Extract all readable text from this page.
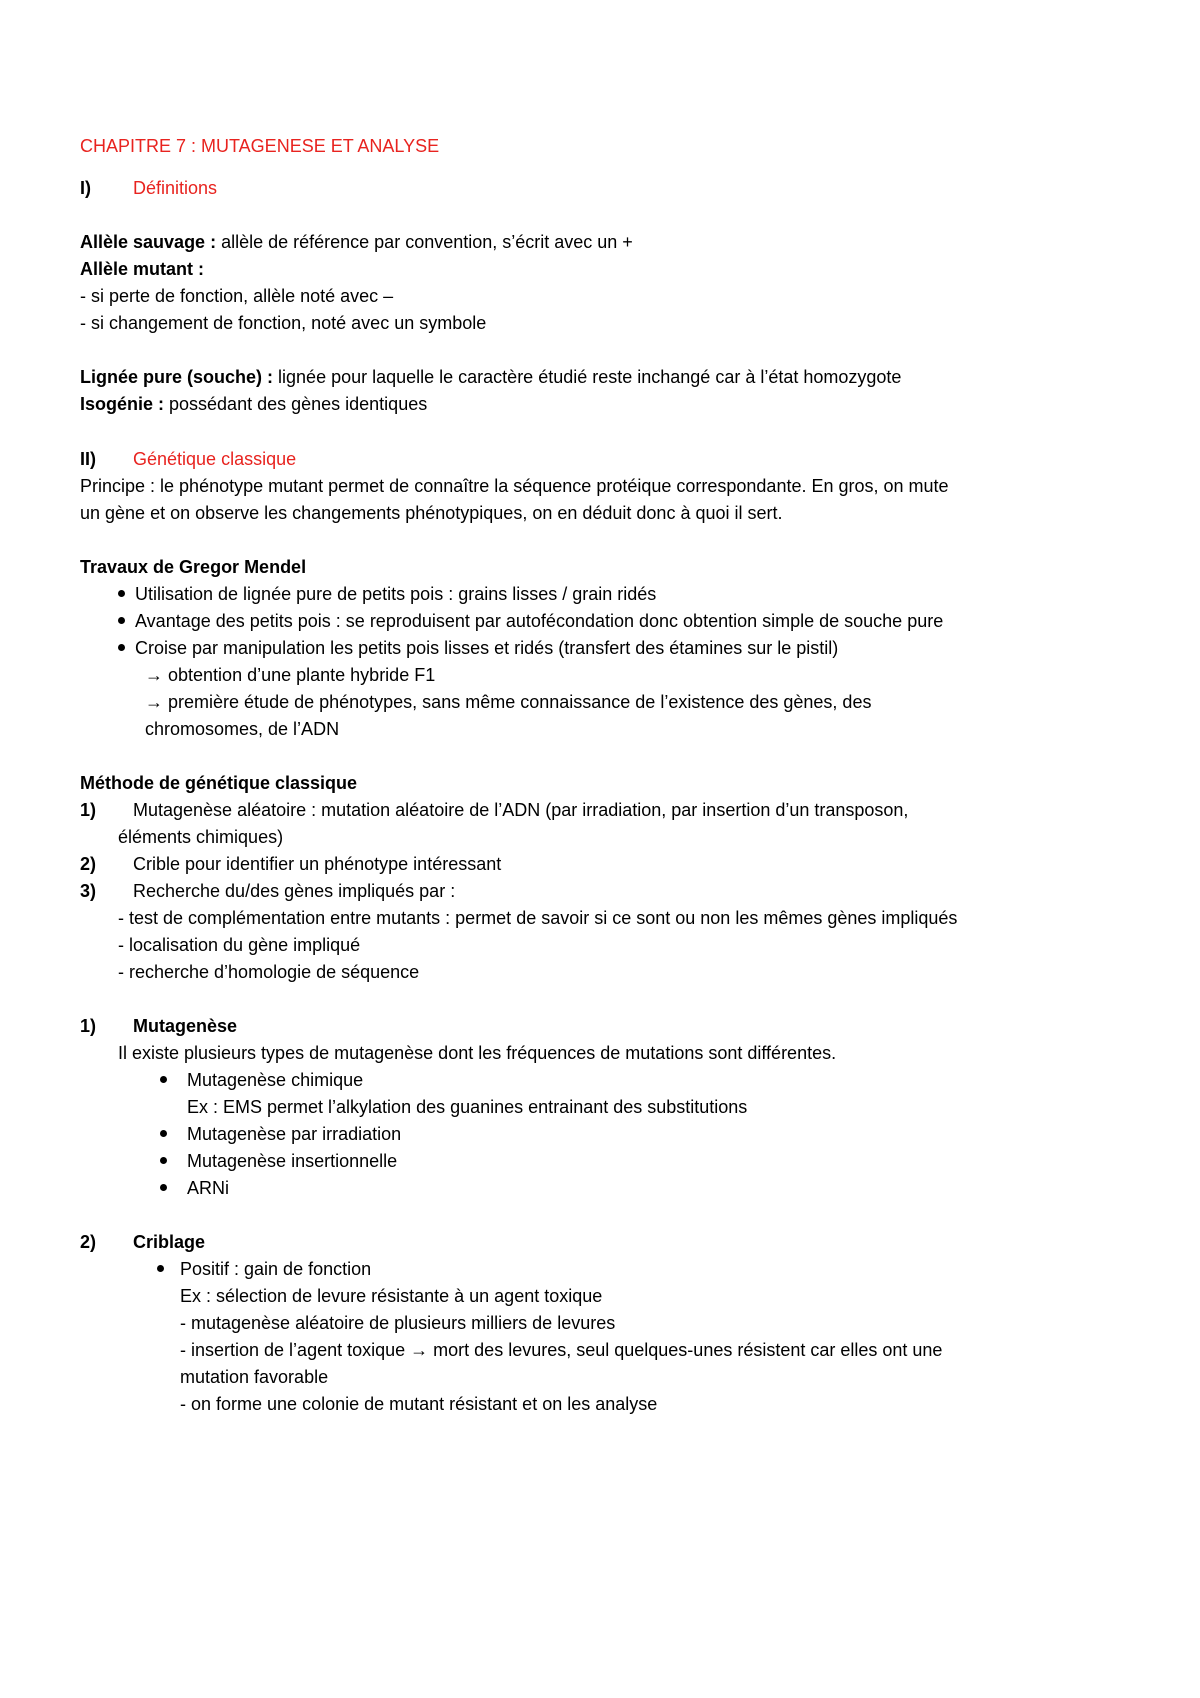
CHAPITRE 7 : MUTAGENESE ET ANALYSE
I) Définitions
Allèle sauvage : allèle de référence par convention, s’écrit avec un +
Allèle mutant :
- si perte de fonction, allèle noté avec –
- si changement de fonction, noté avec un symbole
Lignée pure (souche) : lignée pour laquelle le caractère étudié reste inchangé car à l’état homozygote
Isogénie : possédant des gènes identiques
II) Génétique classique
Principe : le phénotype mutant permet de connaître la séquence protéique correspondante. En gros, on mute
un gène et on observe les changements phénotypiques, on en déduit donc à quoi il sert.
Travaux de Gregor Mendel
Utilisation de lignée pure de petits pois : grains lisses / grain ridés
Avantage des petits pois : se reproduisent par autofécondation donc obtention simple de souche pure
Croise par manipulation les petits pois lisses et ridés (transfert des étamines sur le pistil)
→ obtention d’une plante hybride F1
→ première étude de phénotypes, sans même connaissance de l’existence des gènes, des
chromosomes, de l’ADN
Méthode de génétique classique
1) Mutagenèse aléatoire : mutation aléatoire de l’ADN (par irradiation, par insertion d’un transposon,
éléments chimiques)
2) Crible pour identifier un phénotype intéressant
3) Recherche du/des gènes impliqués par :
- test de complémentation entre mutants : permet de savoir si ce sont ou non les mêmes gènes impliqués
- localisation du gène impliqué
- recherche d’homologie de séquence
1) Mutagenèse
Il existe plusieurs types de mutagenèse dont les fréquences de mutations sont différentes.
Mutagenèse chimique
Ex : EMS permet l’alkylation des guanines entrainant des substitutions
Mutagenèse par irradiation
Mutagenèse insertionnelle
ARNi
2) Criblage
Positif : gain de fonction
Ex : sélection de levure résistante à un agent toxique
- mutagenèse aléatoire de plusieurs milliers de levures
- insertion de l’agent toxique → mort des levures, seul quelques-unes résistent car elles ont une
mutation favorable
- on forme une colonie de mutant résistant et on les analyse
